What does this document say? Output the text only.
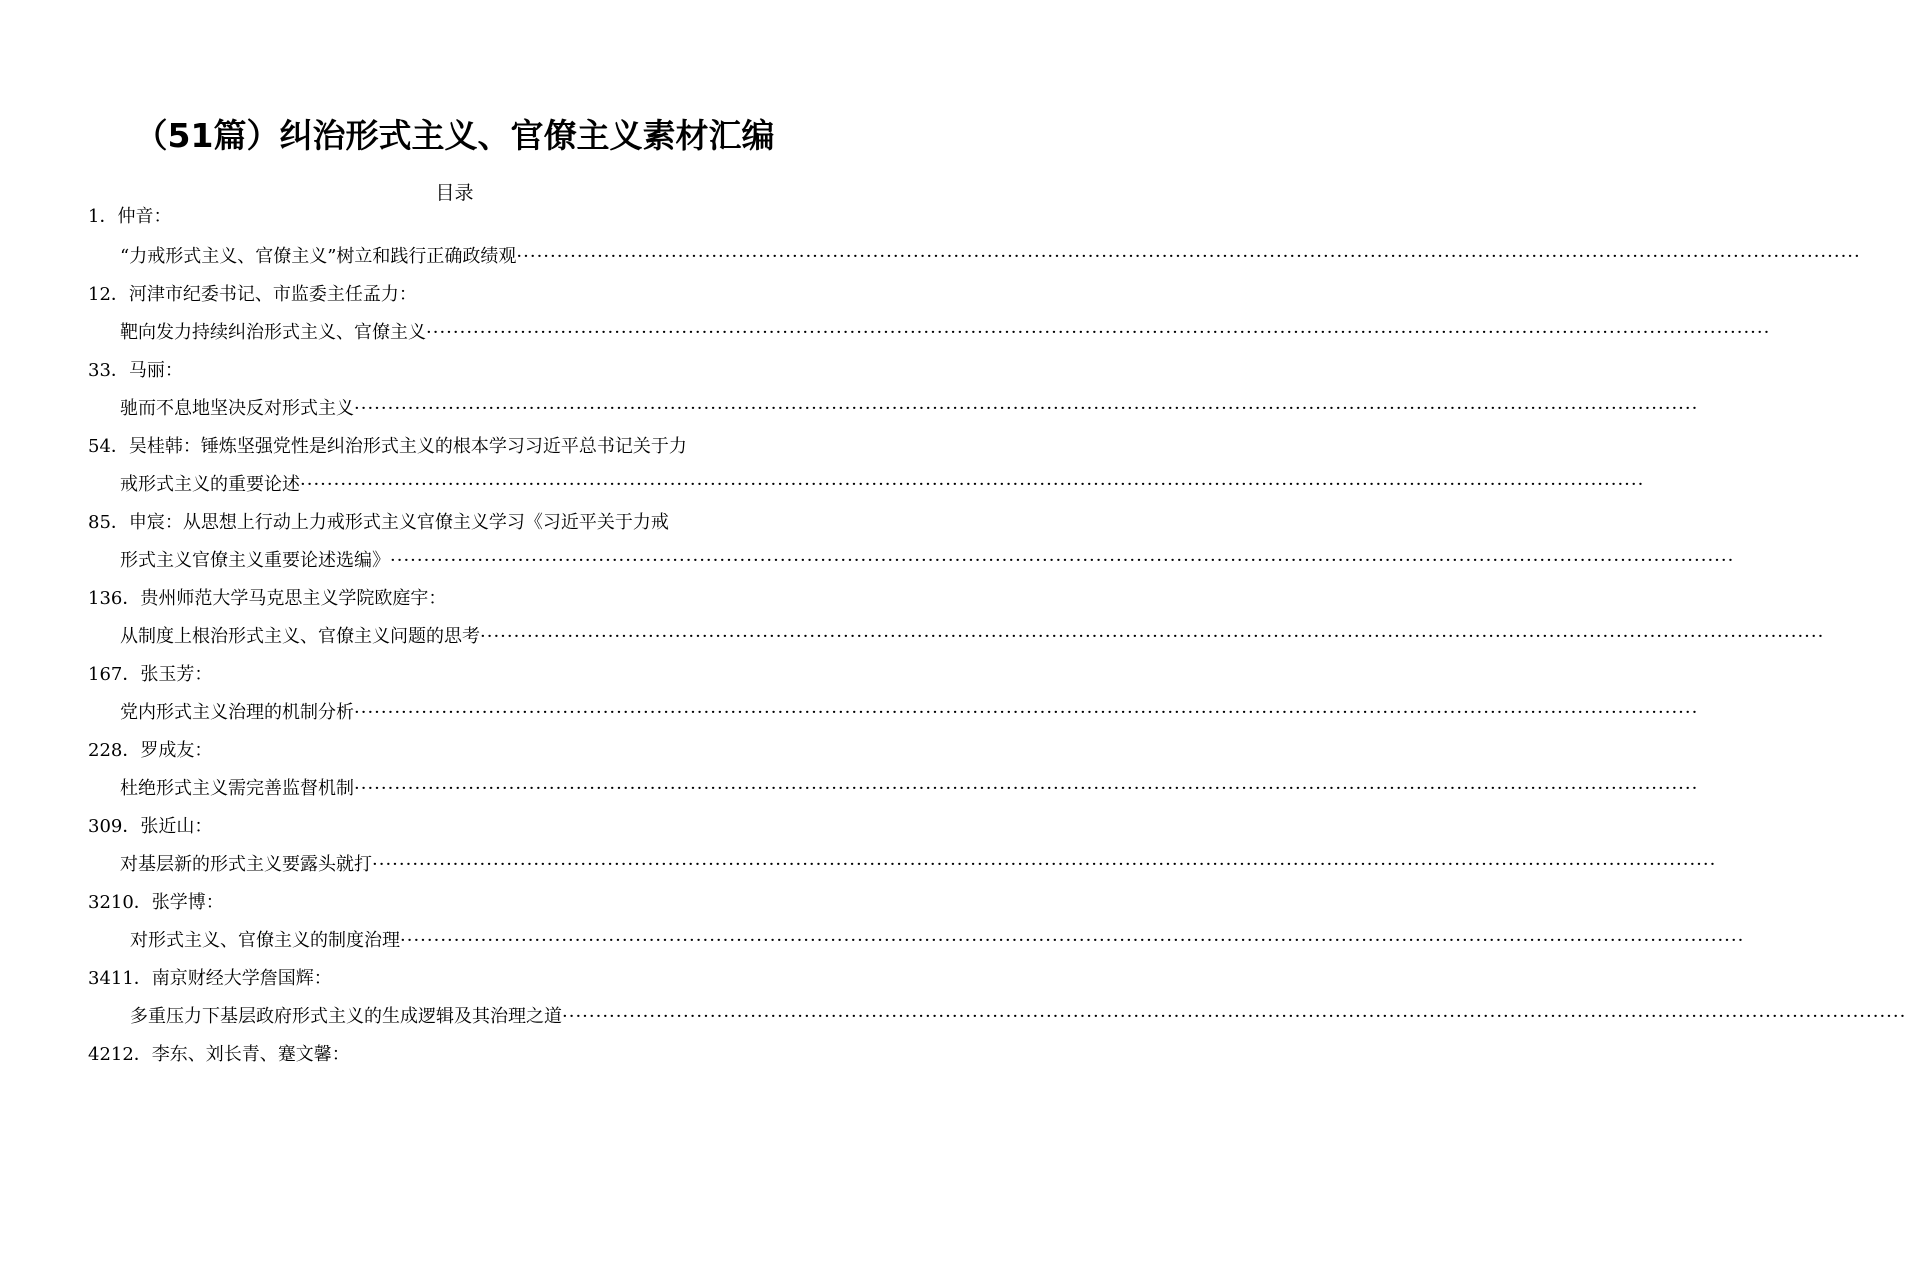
（51篇）纠治形式主义、官僚主义素材汇编
目录
1．仲音：
“力戒形式主义、官僚主义”树立和践行正确政绩观 ········································································································································································································
12．河津市纪委书记、市监委主任孟力：
靶向发力持续纠治形式主义、官僚主义 ········································································································································································································
33．马丽：
驰而不息地坚决反对形式主义 ········································································································································································································
54．吴桂韩：锤炼坚强党性是纠治形式主义的根本学习习近平总书记关于力
戒形式主义的重要论述 ········································································································································································································
85．申宸：从思想上行动上力戒形式主义官僚主义学习《习近平关于力戒
形式主义官僚主义重要论述选编》 ········································································································································································································
136．贵州师范大学马克思主义学院欧庭宇：
从制度上根治形式主义、官僚主义问题的思考 ········································································································································································································
167．张玉芳：
党内形式主义治理的机制分析 ········································································································································································································
228．罗成友：
杜绝形式主义需完善监督机制 ········································································································································································································
309．张近山：
对基层新的形式主义要露头就打 ········································································································································································································
3210．张学博：
对形式主义、官僚主义的制度治理 ········································································································································································································
3411．南京财经大学詹国辉：
多重压力下基层政府形式主义的生成逻辑及其治理之道 ········································································································································································································
4212．李东、刘长青、蹇文馨：
